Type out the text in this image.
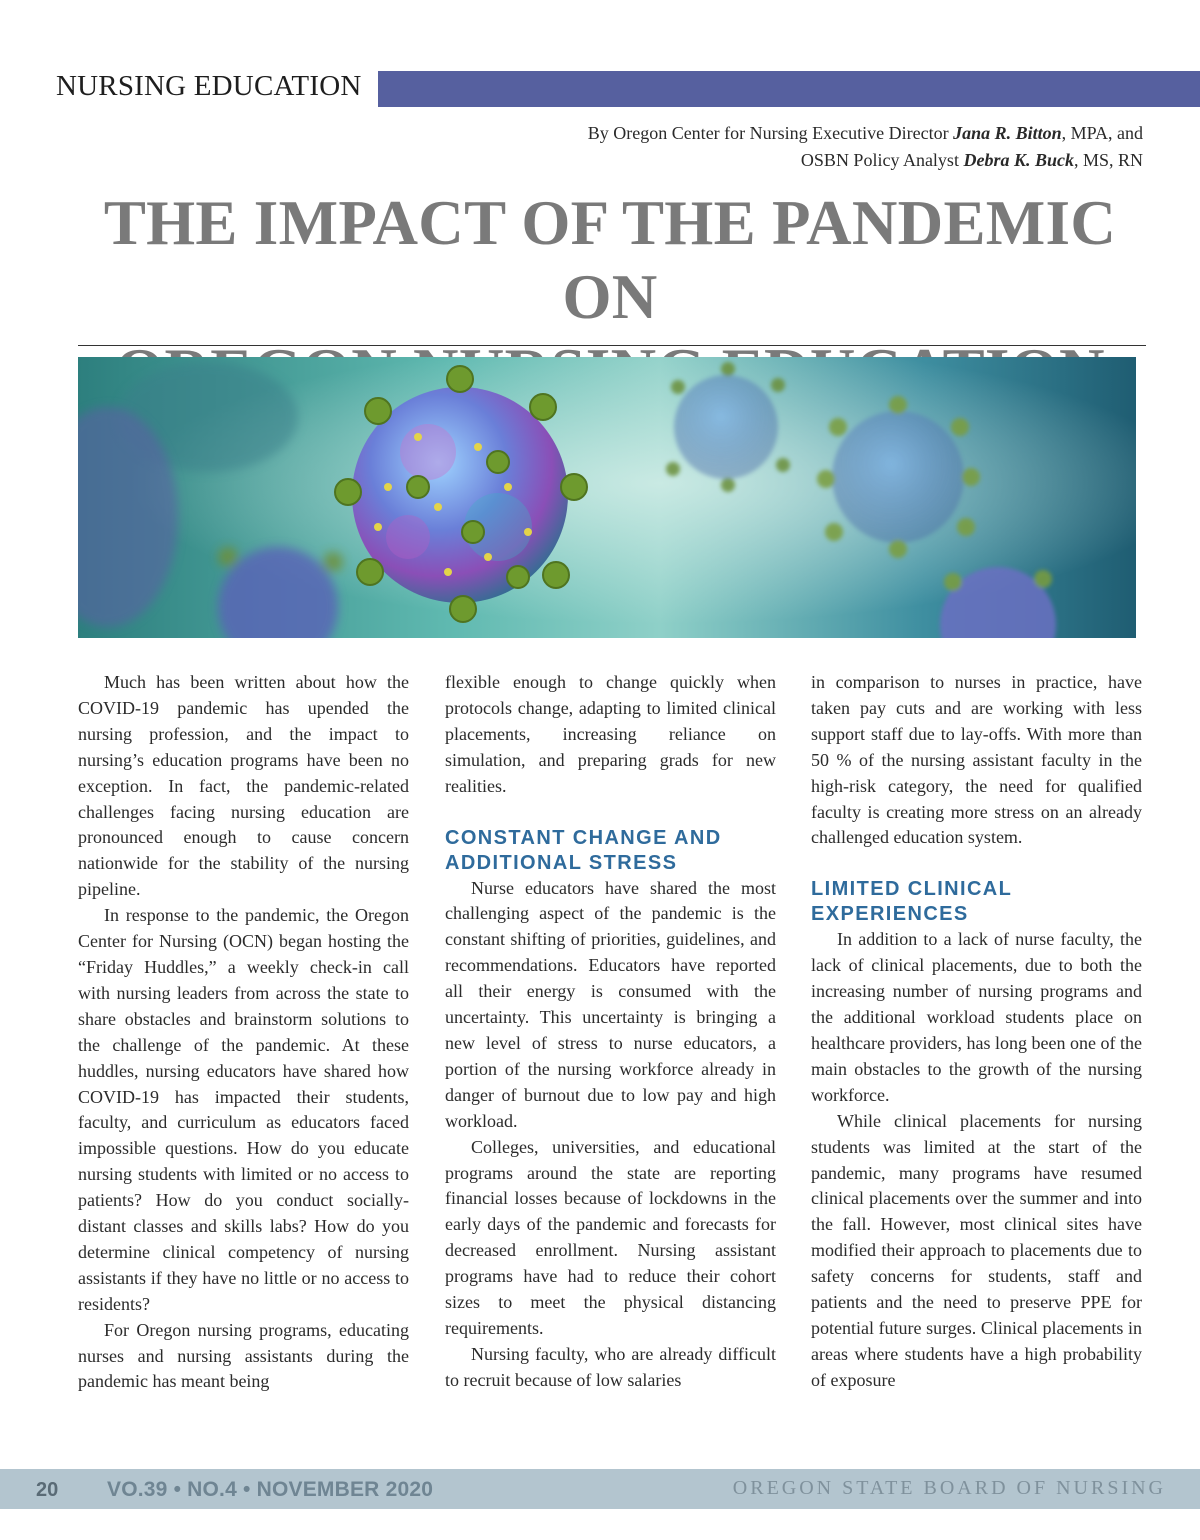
NURSING EDUCATION
By Oregon Center for Nursing Executive Director Jana R. Bitton, MPA, and
OSBN Policy Analyst Debra K. Buck, MS, RN
THE IMPACT OF THE PANDEMIC ON

Much has been written about how the COVID-19 pandemic has upended the nursing profession, and the impact to nursing’s education programs have been no exception. In fact, the pandemic-related challenges facing nursing education are pronounced enough to cause concern nationwide for the stability of the nursing pipeline.

In response to the pandemic, the Oregon Center for Nursing (OCN) began hosting the “Friday Huddles,” a weekly check-in call with nursing leaders from across the state to share obstacles and brainstorm solutions to the challenge of the pandemic. At these huddles, nursing educators have shared how COVID-19 has impacted their students, faculty, and curriculum as educators faced impossible questions. How do you educate nursing students with limited or no access to patients? How do you conduct socially-distant classes and skills labs? How do you determine clinical competency of nursing assistants if they have no little or no access to residents?

For Oregon nursing programs, educating nurses and nursing assistants during the pandemic has meant being

flexible enough to change quickly when protocols change, adapting to limited clinical placements, increasing reliance on simulation, and preparing grads for new realities.

CONSTANT CHANGE AND ADDITIONAL STRESS

Nurse educators have shared the most challenging aspect of the pandemic is the constant shifting of priorities, guidelines, and recommendations. Educators have reported all their energy is consumed with the uncertainty. This uncertainty is bringing a new level of stress to nurse educators, a portion of the nursing workforce already in danger of burnout due to low pay and high workload.

Colleges, universities, and educational programs around the state are reporting financial losses because of lockdowns in the early days of the pandemic and forecasts for decreased enrollment. Nursing assistant programs have had to reduce their cohort sizes to meet the physical distancing requirements.

Nursing faculty, who are already difficult to recruit because of low salaries

in comparison to nurses in practice, have taken pay cuts and are working with less support staff due to lay-offs. With more than 50 % of the nursing assistant faculty in the high-risk category, the need for qualified faculty is creating more stress on an already challenged education system.

LIMITED CLINICAL EXPERIENCES

In addition to a lack of nurse faculty, the lack of clinical placements, due to both the increasing number of nursing programs and the additional workload students place on healthcare providers, has long been one of the main obstacles to the growth of the nursing workforce.

While clinical placements for nursing students was limited at the start of the pandemic, many programs have resumed clinical placements over the summer and into the fall. However, most clinical sites have modified their approach to placements due to safety concerns for students, staff and patients and the need to preserve PPE for potential future surges. Clinical placements in areas where students have a high probability of exposure

20 VO.39 • NO.4 • NOVEMBER 2020	OREGON STATE BOARD OF NURSING
